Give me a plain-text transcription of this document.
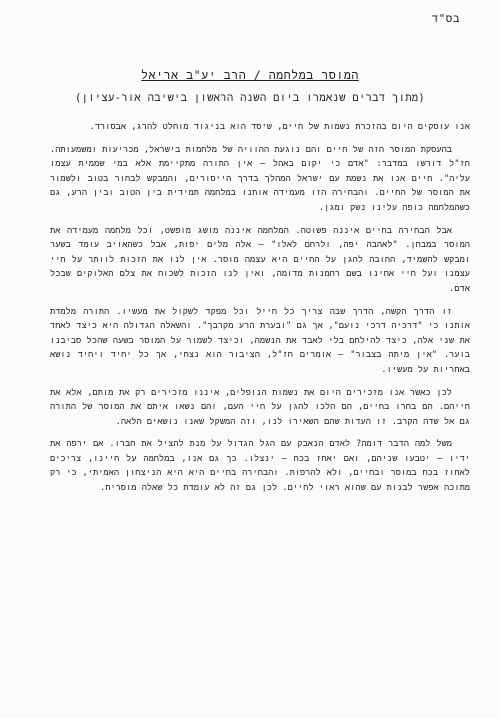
בס"ד
המוסר במלחמה / הרב יע"ב אריאל
(מתוך דברים שנאמרו ביום השנה הראשון בישיבה אור-עציון)

אנו עוסקים היום בהזכרת נשמות של חיים, שיסד הוא בניגוד מוחלט להרג, אבסורד.

בהעסקת המוסר הזה של חיים והם נוגעת ההוויה של מלחמות בישראל, מכריעות ומשמעותה. חז"ל דורשו במדבר: "אדם כי יקום באהל – אין התורה מתקיימת אלא במי שממית עצמו עליה". חיים אנו את נשמת עם ישראל המהלך בדרך הייסורים, והמבקש לבחור בטוב ולשמור את המוסר של החיים. והבחירה הזו מעמידה אותנו במלחמה תמידית בין הטוב ובין הרע, גם כשהמלחמה כופה עלינו נשק ומגן.

אבל הבחירה בחיים איננה פשוטה. המלחמה איננה מושג מופשט, וכל מלחמה מעמידה את המוסר במבחן. "לאהבה יפה, ולרחם לאלו" – אלה מלים יפות, אבל כשהאויב עומד בשער ומבקש להשמיד, החובה להגן על החיים היא עצמה מוסר. אין לנו את הזכות לוותר על חיי עצמנו ועל חיי אחינו בשם רחמנות מדומה, ואין לנו הזכות לשכוח את צלם האלוקים שבכל אדם.

זו הדרך הקשה, הדרך שבה צריך כל חייל וכל מפקד לשקול את מעשיו. התורה מלמדת אותנו כי "דרכיה דרכי נועם", אך גם "ובערת הרע מקרבך". והשאלה הגדולה היא כיצד לאחד את שני אלה, כיצד להילחם בלי לאבד את הנשמה, וכיצד לשמור על המוסר בשעה שהכל סביבנו בוער. "אין מיתה בצבור" – אומרים חז"ל, הציבור הוא נצחי, אך כל יחיד ויחיד נושא באחריות על מעשיו.

לכן כאשר אנו מזכירים היום את נשמות הנופלים, איננו מזכירים רק את מותם, אלא את חייהם. הם בחרו בחיים, הם הלכו להגן על חיי העם, והם נשאו איתם את המוסר של התורה גם אל שדה הקרב. זו העדות שהם השאירו לנו, וזה המשקל שאנו נושאים הלאה.

משל למה הדבר דומה? לאדם הנאבק עם הגל הגדול על מנת להציל את חברו. אם ירפה את ידיו – יטבעו שניהם, ואם יאחז בכח – ינצלו. כך גם אנו, במלחמה על חיינו, צריכים לאחוז בכח במוסר ובחיים, ולא להרפות. והבחירה בחיים היא היא הניצחון האמיתי, כי רק מתוכה אפשר לבנות עם שהוא ראוי לחיים. לכן גם זה לא עומדת כל שאלה מוסרית.
